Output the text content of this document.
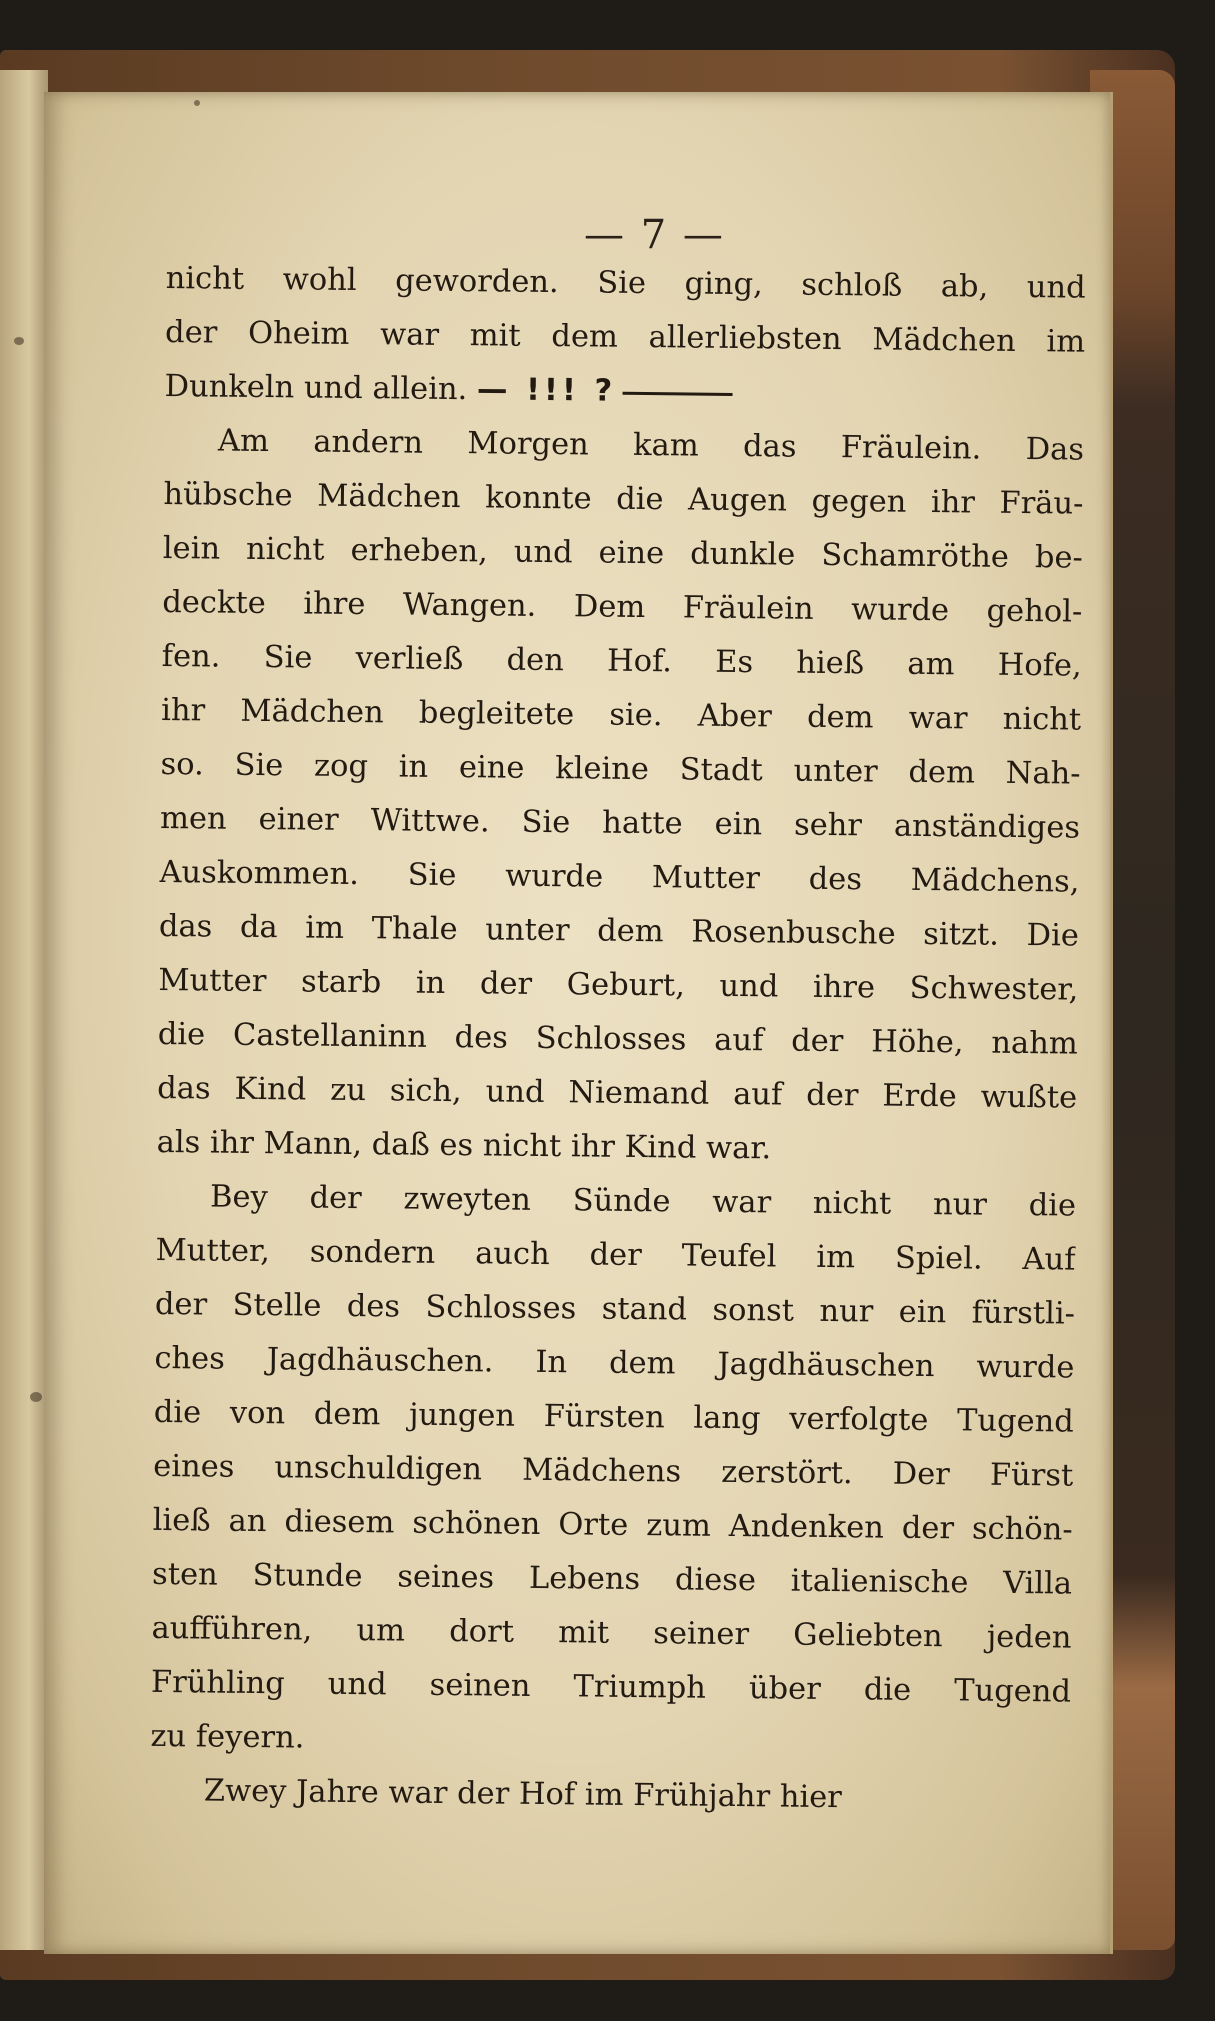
— 7 —
nicht wohl geworden. Sie ging, schloß ab, und
der Oheim war mit dem allerliebsten Mädchen im
Dunkeln und allein. — !!! ?
Am andern Morgen kam das Fräulein. Das
hübsche Mädchen konnte die Augen gegen ihr Fräu-
lein nicht erheben, und eine dunkle Schamröthe be-
deckte ihre Wangen. Dem Fräulein wurde gehol-
fen. Sie verließ den Hof. Es hieß am Hofe,
ihr Mädchen begleitete sie. Aber dem war nicht
so. Sie zog in eine kleine Stadt unter dem Nah-
men einer Wittwe. Sie hatte ein sehr anständiges
Auskommen. Sie wurde Mutter des Mädchens,
das da im Thale unter dem Rosenbusche sitzt. Die
Mutter starb in der Geburt, und ihre Schwester,
die Castellaninn des Schlosses auf der Höhe, nahm
das Kind zu sich, und Niemand auf der Erde wußte
als ihr Mann, daß es nicht ihr Kind war.
Bey der zweyten Sünde war nicht nur die
Mutter, sondern auch der Teufel im Spiel. Auf
der Stelle des Schlosses stand sonst nur ein fürstli-
ches Jagdhäuschen. In dem Jagdhäuschen wurde
die von dem jungen Fürsten lang verfolgte Tugend
eines unschuldigen Mädchens zerstört. Der Fürst
ließ an diesem schönen Orte zum Andenken der schön-
sten Stunde seines Lebens diese italienische Villa
aufführen, um dort mit seiner Geliebten jeden
Frühling und seinen Triumph über die Tugend
zu feyern.
Zwey Jahre war der Hof im Frühjahr hier
